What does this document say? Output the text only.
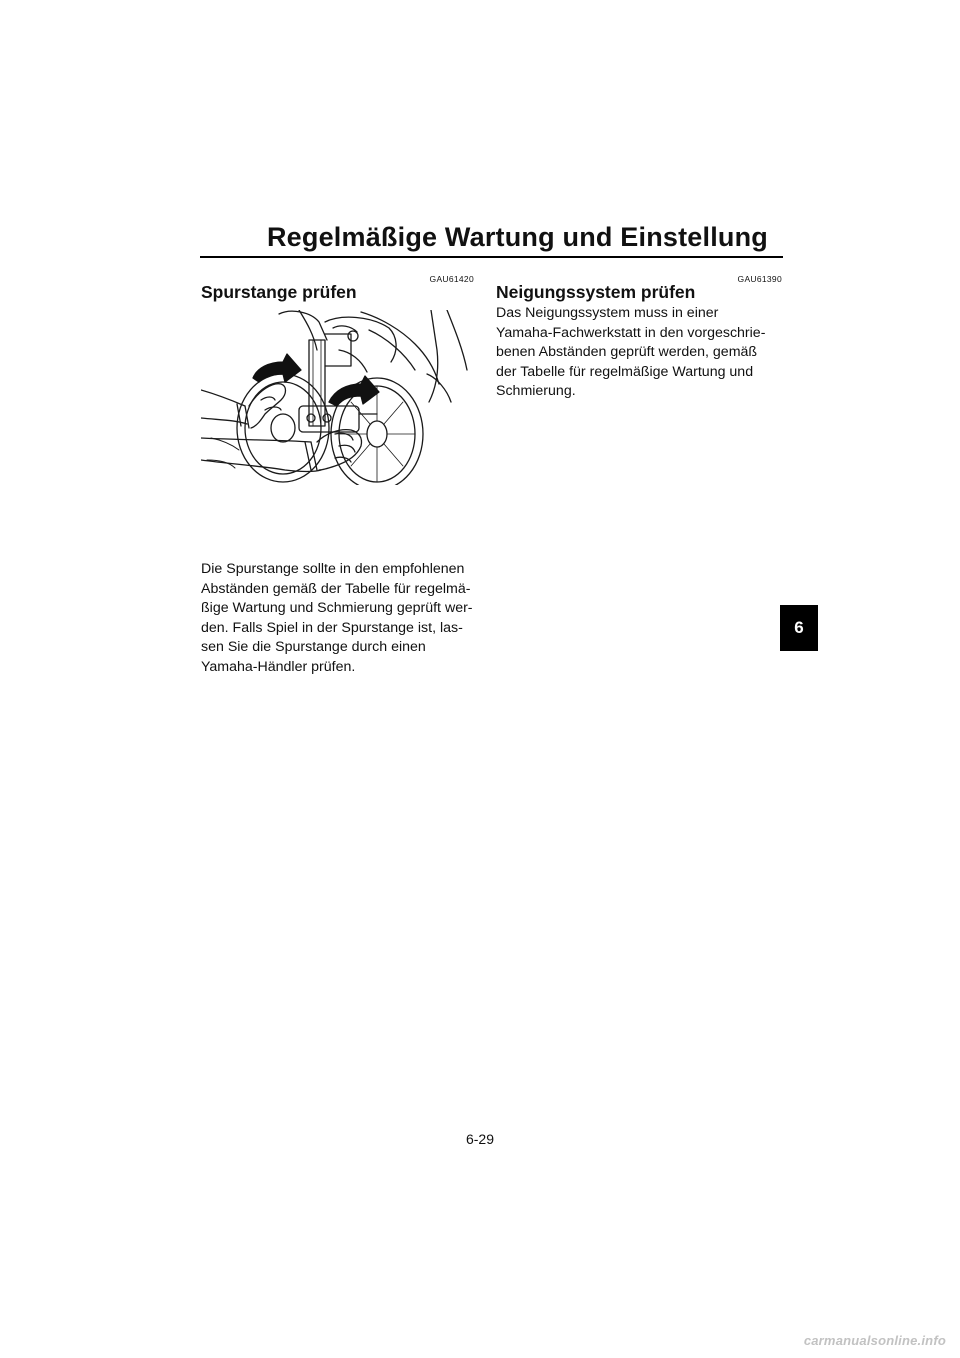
Regelmäßige Wartung und Einstellung
GAU61420
Spurstange prüfen

Die Spurstange sollte in den empfohlenen
Abständen gemäß der Tabelle für regelmä-
ßige Wartung und Schmierung geprüft wer-
den. Falls Spiel in der Spurstange ist, las-
sen Sie die Spurstange durch einen
Yamaha-Händler prüfen.

GAU61390
Neigungssystem prüfen

Das Neigungssystem muss in einer
Yamaha-Fachwerkstatt in den vorgeschrie-
benen Abständen geprüft werden, gemäß
der Tabelle für regelmäßige Wartung und
Schmierung.

6
6-29
carmanualsonline.info
